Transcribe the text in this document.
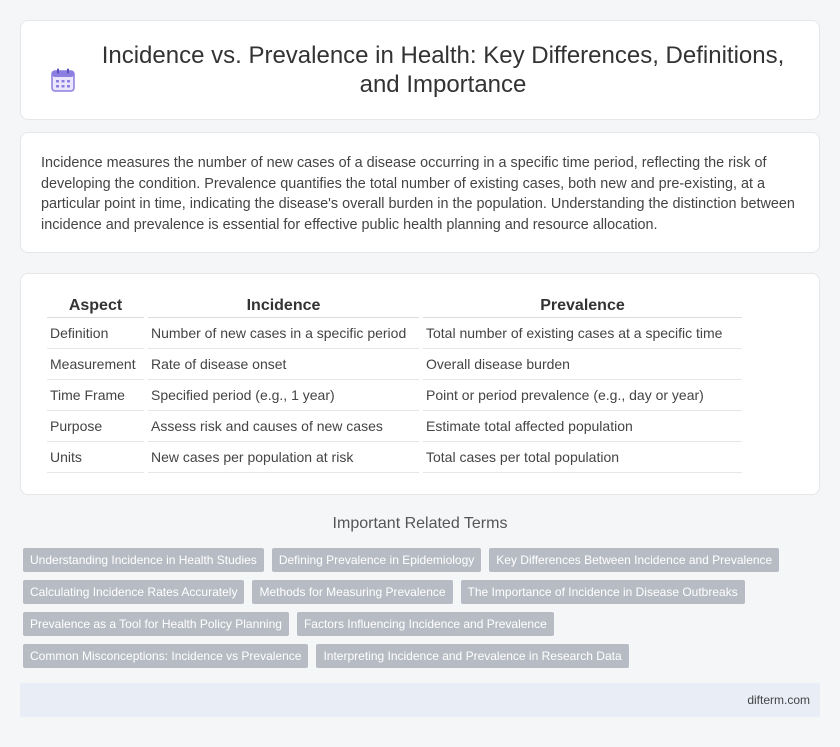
Incidence vs. Prevalence in Health: Key Differences, Definitions, and Importance

Incidence measures the number of new cases of a disease occurring in a specific time period, reflecting the risk of developing the condition. Prevalence quantifies the total number of existing cases, both new and pre-existing, at a particular point in time, indicating the disease's overall burden in the population. Understanding the distinction between incidence and prevalence is essential for effective public health planning and resource allocation.

Aspect	Incidence	Prevalence
Definition	Number of new cases in a specific period	Total number of existing cases at a specific time
Measurement	Rate of disease onset	Overall disease burden
Time Frame	Specified period (e.g., 1 year)	Point or period prevalence (e.g., day or year)
Purpose	Assess risk and causes of new cases	Estimate total affected population
Units	New cases per population at risk	Total cases per total population
Important Related Terms
Understanding Incidence in Health Studies	Defining Prevalence in Epidemiology	Key Differences Between Incidence and Prevalence
Calculating Incidence Rates Accurately	Methods for Measuring Prevalence	The Importance of Incidence in Disease Outbreaks
Prevalence as a Tool for Health Policy Planning	Factors Influencing Incidence and Prevalence
Common Misconceptions: Incidence vs Prevalence	Interpreting Incidence and Prevalence in Research Data
difterm.com
